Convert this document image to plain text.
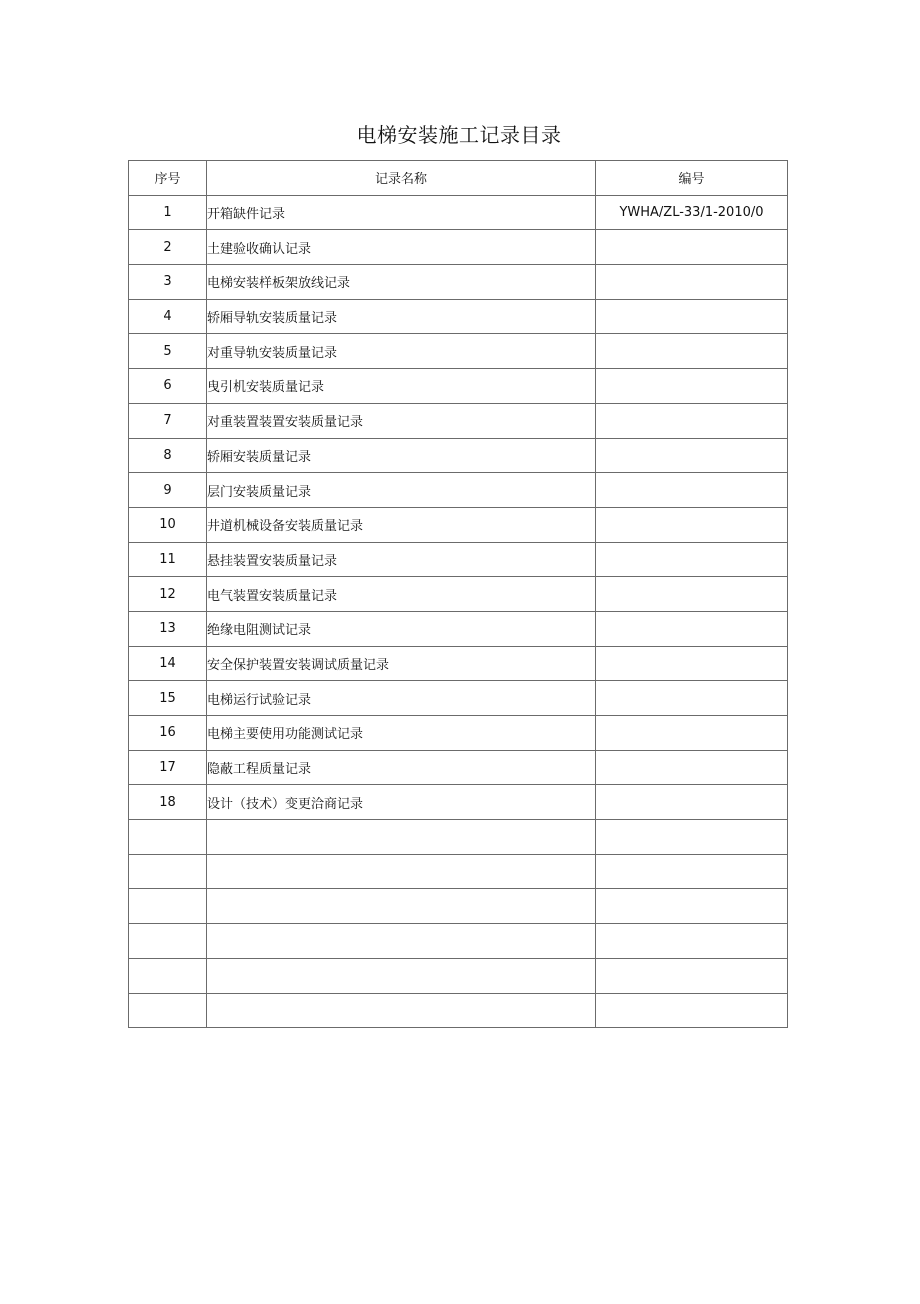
电梯安装施工记录目录
序号	记录名称	编号
1	开箱缺件记录	YWHA/ZL-33/1-2010/0
2	土建验收确认记录	
3	电梯安装样板架放线记录	
4	轿厢导轨安装质量记录	
5	对重导轨安装质量记录	
6	曳引机安装质量记录	
7	对重装置装置安装质量记录	
8	轿厢安装质量记录	
9	层门安装质量记录	
10	井道机械设备安装质量记录	
11	悬挂装置安装质量记录	
12	电气装置安装质量记录	
13	绝缘电阻测试记录	
14	安全保护装置安装调试质量记录	
15	电梯运行试验记录	
16	电梯主要使用功能测试记录	
17	隐蔽工程质量记录	
18	设计（技术）变更洽商记录	
